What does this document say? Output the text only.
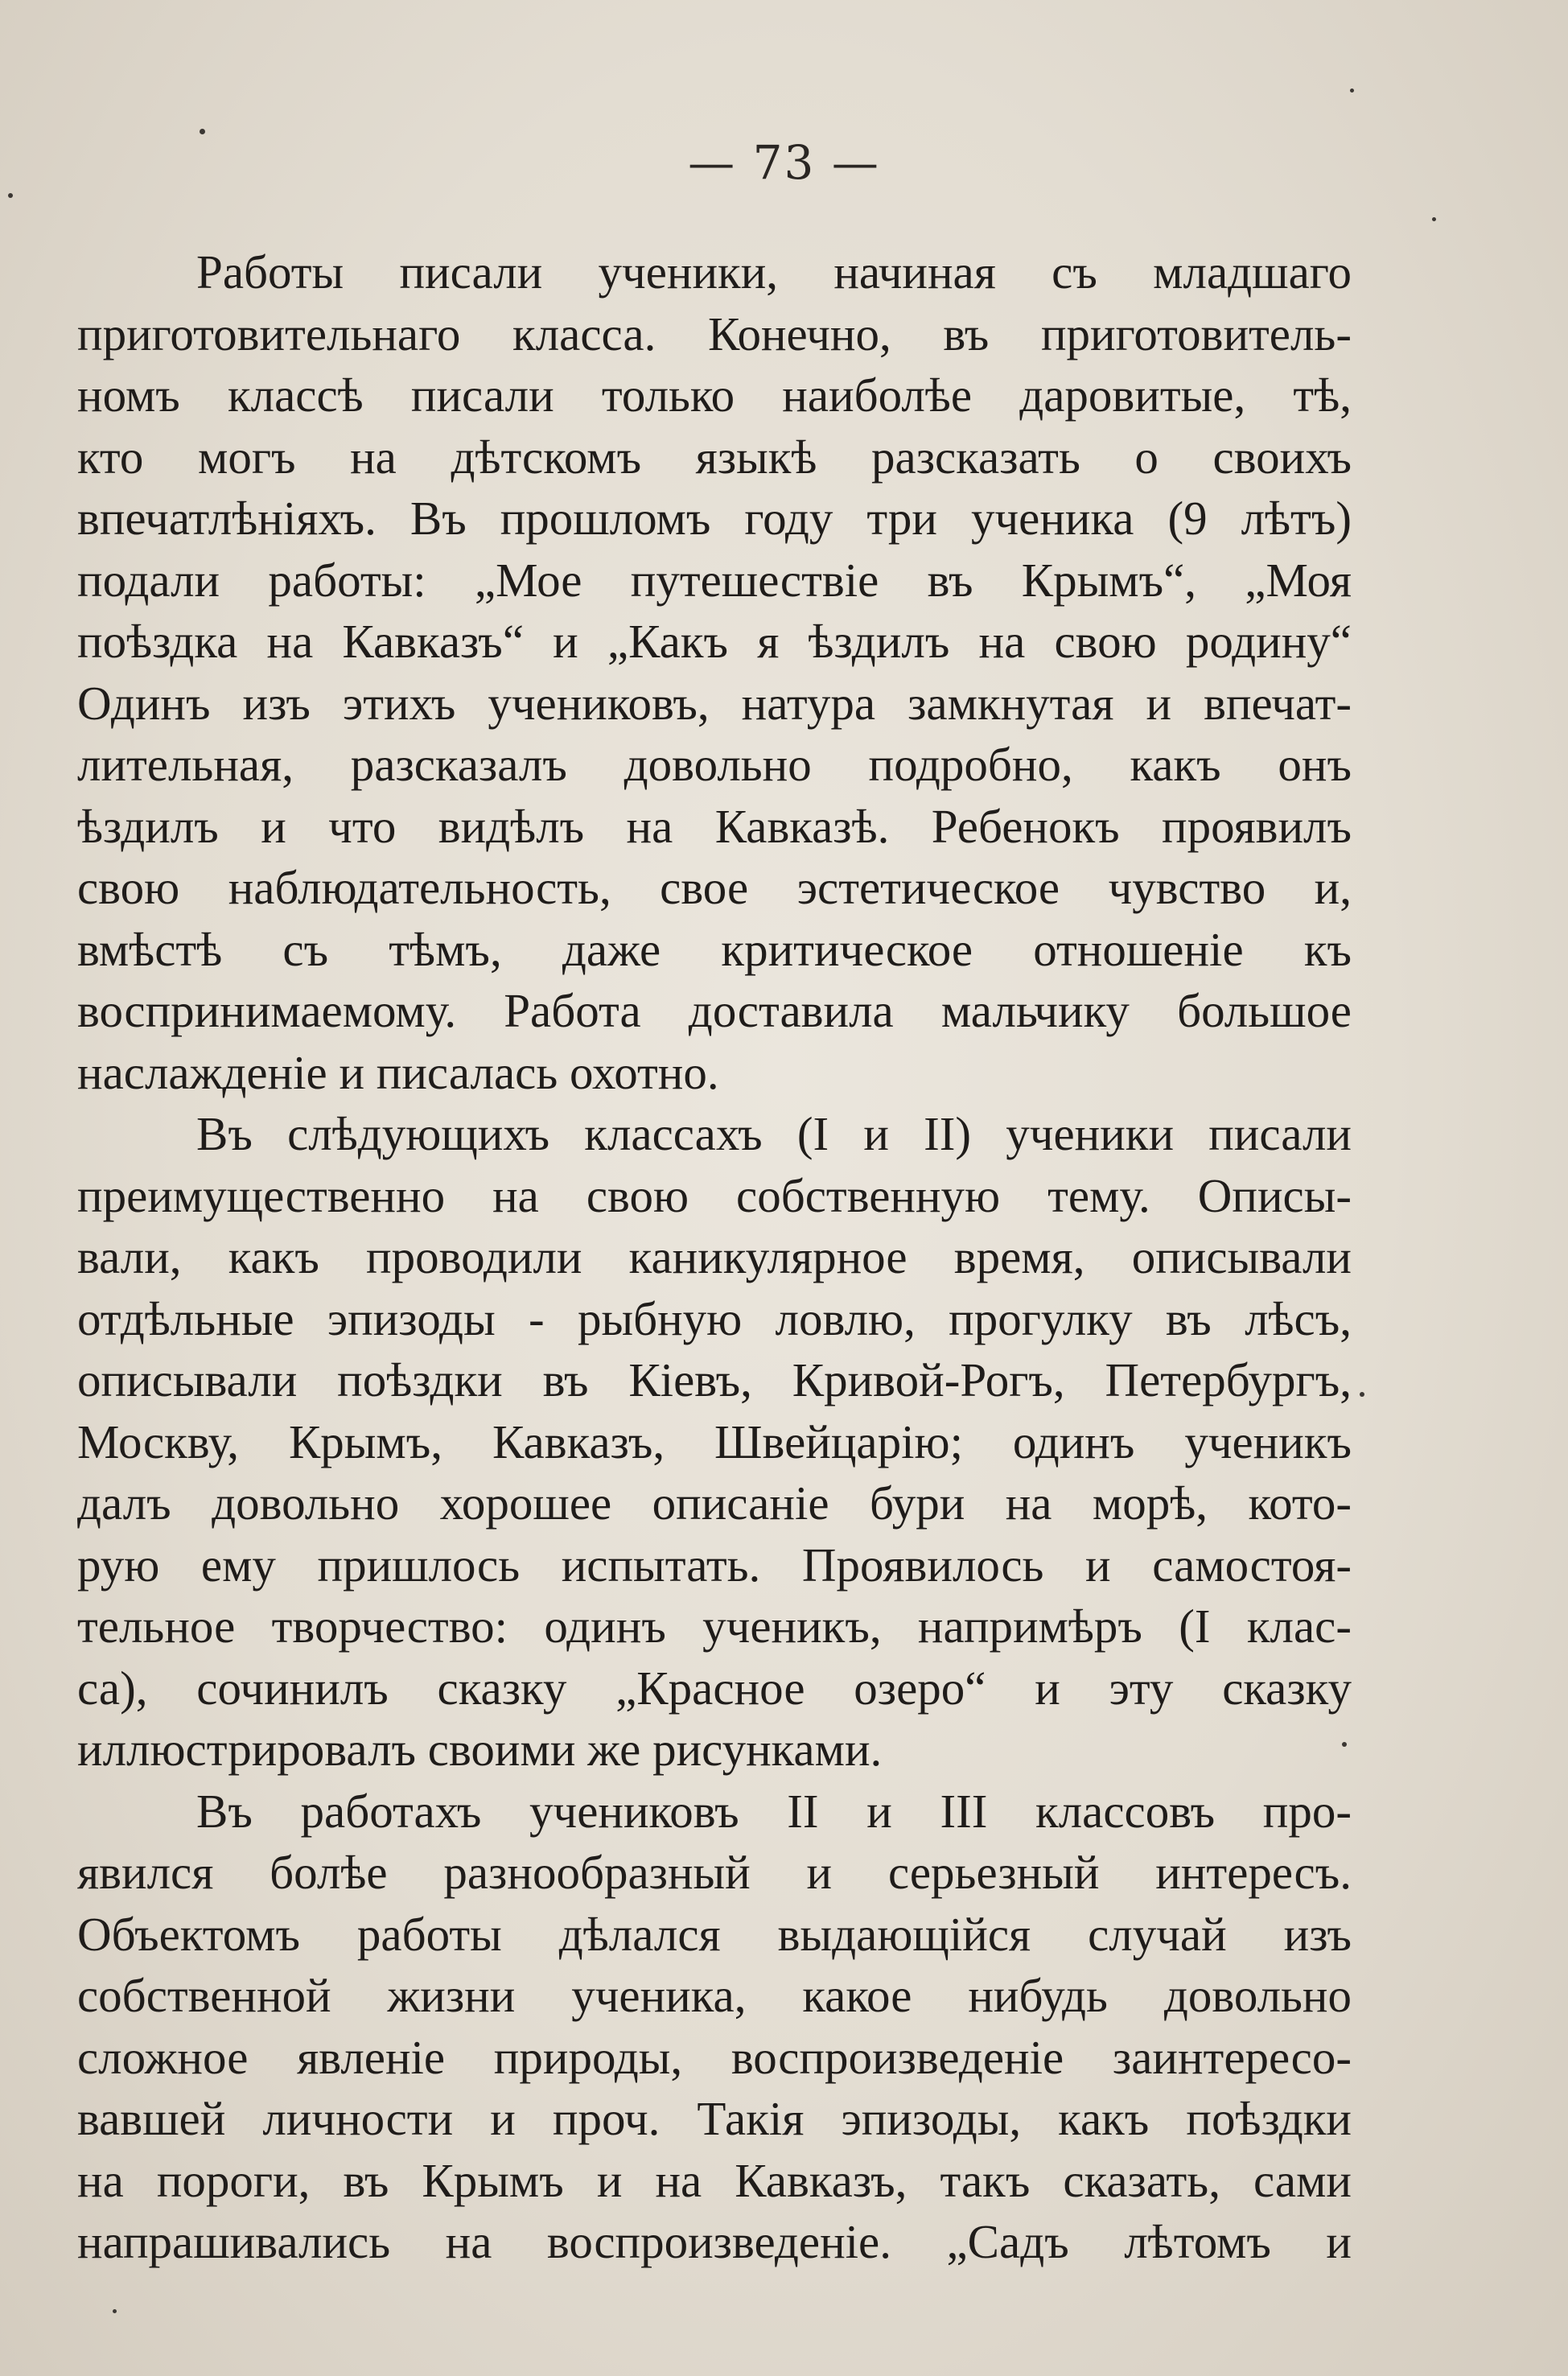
— 73 —
Работы писали ученики, начиная съ младшаго
приготовительнаго класса. Конечно, въ приготовитель-
номъ классѣ писали только наиболѣе даровитые, тѣ,
кто могъ на дѣтскомъ языкѣ разсказать о своихъ
впечатлѣніяхъ. Въ прошломъ году три ученика (9 лѣтъ)
подали работы: „Мое путешествіе въ Крымъ“, „Моя
поѣздка на Кавказъ“ и „Какъ я ѣздилъ на свою родину“
Одинъ изъ этихъ учениковъ, натура замкнутая и впечат-
лительная, разсказалъ довольно подробно, какъ онъ
ѣздилъ и что видѣлъ на Кавказѣ. Ребенокъ проявилъ
свою наблюдательность, свое эстетическое чувство и,
вмѣстѣ съ тѣмъ, даже критическое отношеніе къ
воспринимаемому. Работа доставила мальчику большое
наслажденіе и писалась охотно.
Въ слѣдующихъ классахъ (I и II) ученики писали
преимущественно на свою собственную тему. Описы-
вали, какъ проводили каникулярное время, описывали
отдѣльные эпизоды - рыбную ловлю, прогулку въ лѣсъ,
описывали поѣздки въ Кіевъ, Кривой-Рогъ, Петербургъ,
Москву, Крымъ, Кавказъ, Швейцарію; одинъ ученикъ
далъ довольно хорошее описаніе бури на морѣ, кото-
рую ему пришлось испытать. Проявилось и самостоя-
тельное творчество: одинъ ученикъ, напримѣръ (I клас-
са), сочинилъ сказку „Красное озеро“ и эту сказку
иллюстрировалъ своими же рисунками.
Въ работахъ учениковъ II и III классовъ про-
явился болѣе разнообразный и серьезный интересъ.
Объектомъ работы дѣлался выдающійся случай изъ
собственной жизни ученика, какое нибудь довольно
сложное явленіе природы, воспроизведеніе заинтересо-
вавшей личности и проч. Такія эпизоды, какъ поѣздки
на пороги, въ Крымъ и на Кавказъ, такъ сказать, сами
напрашивались на воспроизведеніе. „Садъ лѣтомъ и
